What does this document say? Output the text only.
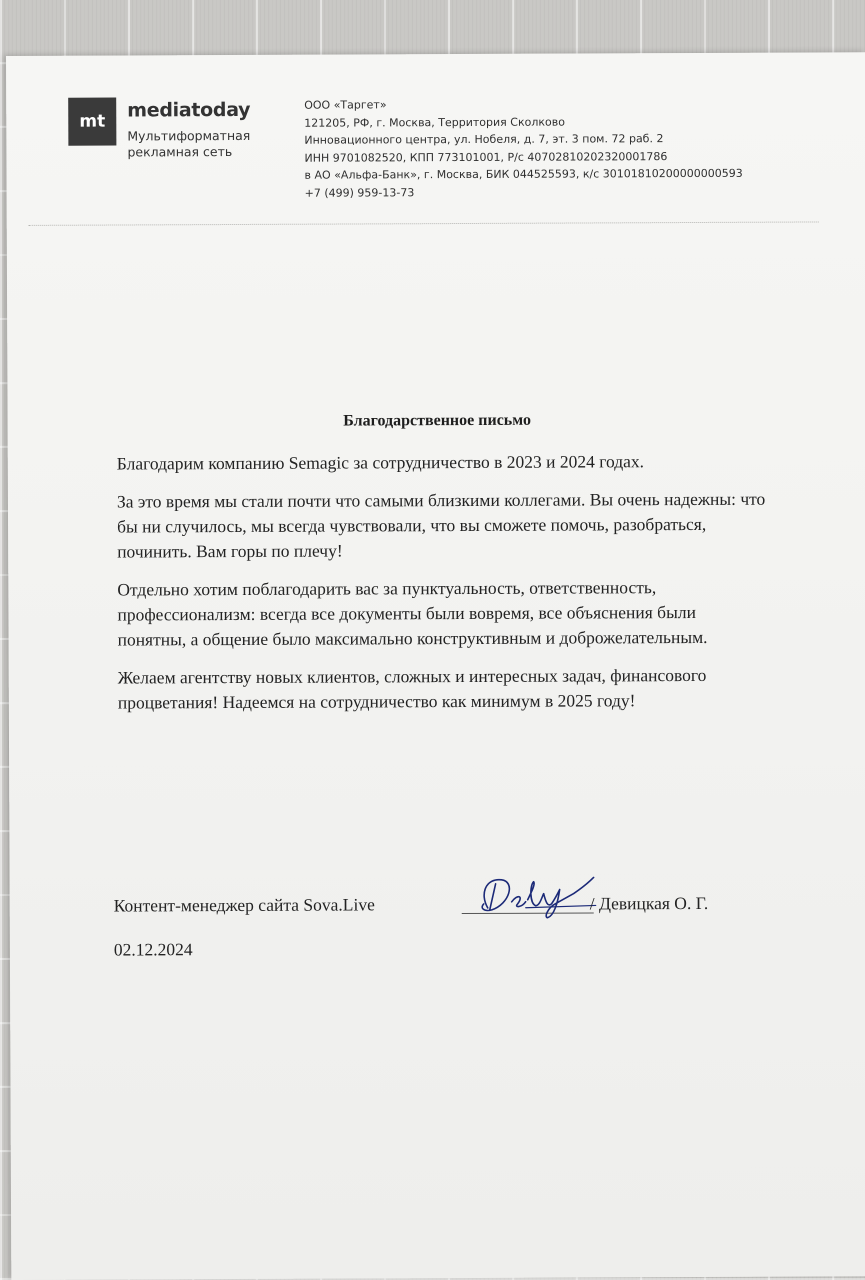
mt
mediatoday
Мультиформатная
рекламная сеть
ООО «Таргет»
121205, РФ, г. Москва, Территория Сколково
Инновационного центра, ул. Нобеля, д. 7, эт. 3 пом. 72 раб. 2
ИНН 9701082520, КПП 773101001, Р/с 40702810202320001786
в АО «Альфа-Банк», г. Москва, БИК 044525593, к/с 30101810200000000593
+7 (499) 959-13-73
Благодарственное письмо

Благодарим компанию Semagic за сотрудничество в 2023 и 2024 годах.

За это время мы стали почти что самыми близкими коллегами. Вы очень надежны: что бы ни случилось, мы всегда чувствовали, что вы сможете помочь, разобраться, починить. Вам горы по плечу!

Отдельно хотим поблагодарить вас за пунктуальность, ответственность, профессионализм: всегда все документы были вовремя, все объяснения были понятны, а общение было максимально конструктивным и доброжелательным.

Желаем агентству новых клиентов, сложных и интересных задач, финансового процветания! Надеемся на сотрудничество как минимум в 2025 году!

Контент-менеджер сайта Sova.Live	/ Девицкая О. Г.
02.12.2024
